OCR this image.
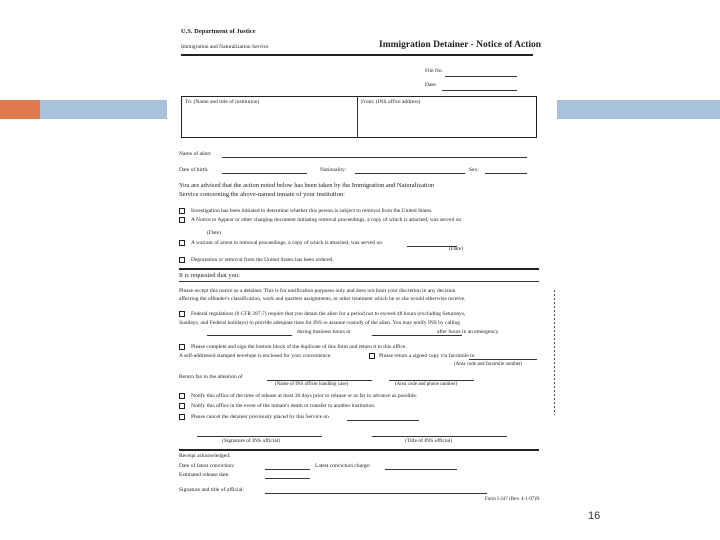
U.S. Department of Justice
Immigration and Naturalization Service	Immigration Detainer - Notice of Action
File No.
Date:
To: (Name and title of institution)	From: (INS office address)
Name of alien:
Date of birth:	Nationality:	Sex:
You are advised that the action noted below has been taken by the Immigration and Naturalization
Service concerning the above-named inmate of your institution:
Investigation has been initiated to determine whether this person is subject to removal from the United States.
A Notice to Appear or other charging document initiating removal proceedings, a copy of which is attached, was served on
(Date)
A warrant of arrest in removal proceedings, a copy of which is attached, was served on
(Date)
Deportation or removal from the United States has been ordered.
It is requested that you:
Please accept this notice as a detainer. This is for notification purposes only and does not limit your discretion in any decision
affecting the offender's classification, work and quarters assignments, or other treatment which he or she would otherwise receive.
Federal regulations (8 CFR 287.7) require that you detain the alien for a period not to exceed 48 hours (excluding Saturdays,
Sundays, and Federal holidays) to provide adequate time for INS to assume custody of the alien. You may notify INS by calling
during business hours or	after hours in an emergency.
Please complete and sign the bottom block of the duplicate of this form and return it to this office.
A self-addressed stamped envelope is enclosed for your convenience.	Please return a signed copy via facsimile to
(Area code and facsimile number)
Return fax to the attention of
(Name of INS officer handling case)	(Area code and phone number)
Notify this office of the time of release at least 30 days prior to release or as far in advance as possible.
Notify this office in the event of the inmate's death or transfer to another institution.
Please cancel the detainer previously placed by this Service on
(Signature of INS official)	(Title of INS official)
Receipt acknowledged:
Date of latest conviction:	Latest conviction charge:
Estimated release date:
Signature and title of official:
Form I-247 (Rev. 4-1-97)N
16
